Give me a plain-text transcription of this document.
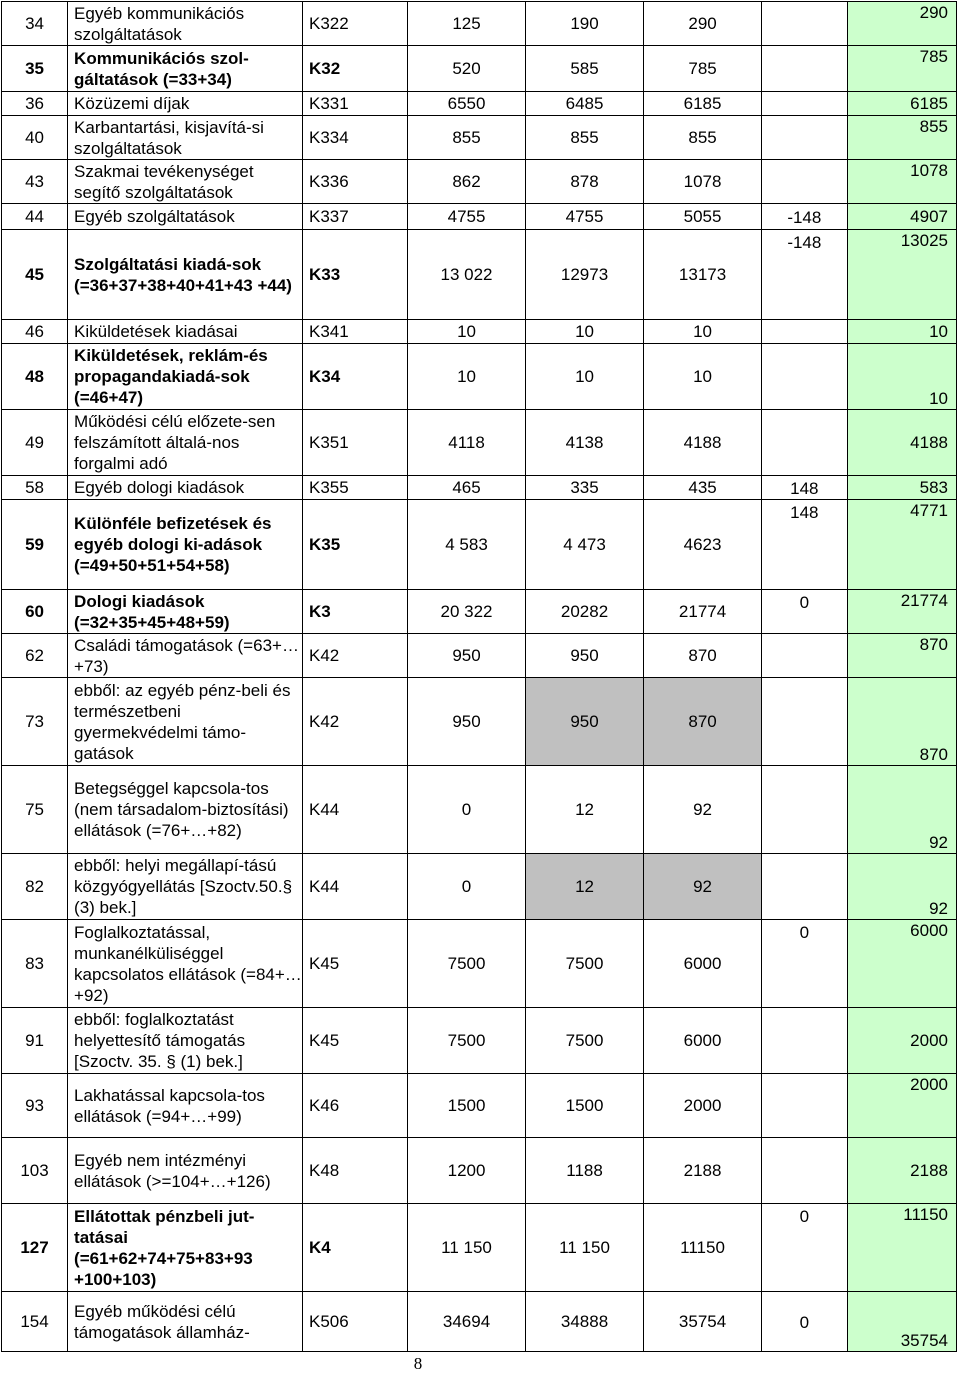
34	Egyéb kommunikációs szolgáltatások	K322	125	190	290		290

35	Kommunikációs szol-gáltatások (=33+34)	K32	520	585	785		785

36	Közüzemi díjak	K331	6550	6485	6185		6185

40	Karbantartási, kisjavítá-si szolgáltatások	K334	855	855	855		855

43	Szakmai tevékenységet segítő szolgáltatások	K336	862	878	1078		1078

44	Egyéb szolgáltatások	K337	4755	4755	5055	-148	4907

45	Szolgáltatási kiadá-sok (=36+37+38+40+41+43 +44)	K33	13 022	12973	13173	-148	13025

46	Kiküldetések kiadásai	K341	10	10	10		10

48	Kiküldetések, reklám-és propagandakiadá-sok (=46+47)	K34	10	10	10		10

49	Működési célú előzete-sen felszámított általá-nos forgalmi adó	K351	4118	4138	4188		4188

58	Egyéb dologi kiadások	K355	465	335	435	148	583

59	Különféle befizetések és egyéb dologi ki-adások (=49+50+51+54+58)	K35	4 583	4 473	4623	148	4771

60	Dologi kiadások (=32+35+45+48+59)	K3	20 322	20282	21774	0	21774

62	Családi támogatások (=63+…+73)	K42	950	950	870		870

73	ebből: az egyéb pénz-beli és természetbeni gyermekvédelmi támo-gatások	K42	950	950	870		870

75	Betegséggel kapcsola-tos (nem társadalom-biztosítási) ellátások (=76+…+82)	K44	0	12	92		92

82	ebből: helyi megállapí-tású közgyógyellátás [Szoctv.50.§ (3) bek.]	K44	0	12	92		92

83	Foglalkoztatással, munkanélküliséggel kapcsolatos ellátások (=84+…+92)	K45	7500	7500	6000	0	6000

91	ebből: foglalkoztatást helyettesítő támogatás [Szoctv. 35. § (1) bek.]	K45	7500	7500	6000		2000

93	Lakhatással kapcsola-tos ellátások (=94+…+99)	K46	1500	1500	2000		2000

103	Egyéb nem intézményi ellátások (>=104+…+126)	K48	1200	1188	2188		2188

127	Ellátottak pénzbeli jut-tatásai (=61+62+74+75+83+93 +100+103)	K4	11 150	11 150	11150	0	11150

154	Egyéb működési célú támogatások államház-	K506	34694	34888	35754	0	35754
8
